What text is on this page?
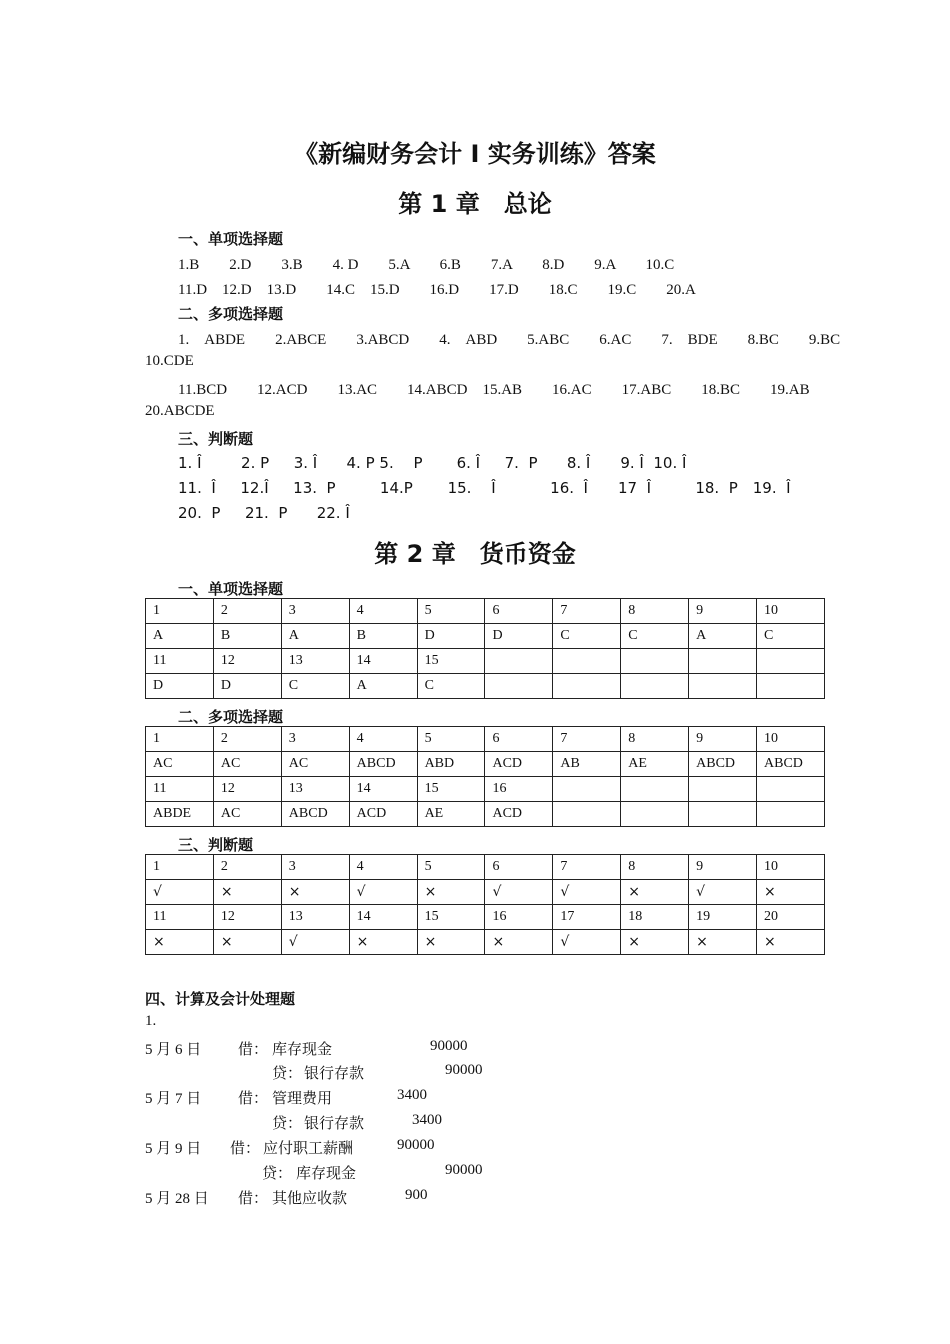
《新编财务会计 I 实务训练》答案
第 1 章　总论
一、单项选择题
1.B　　2.D　　3.B　　4. D　　5.A　　6.B　　7.A　　8.D　　9.A　　10.C
11.D　12.D　13.D　　14.C　15.D　　16.D　　17.D　　18.C　　19.C　　20.A
二、多项选择题
1.　ABDE　　2.ABCE　　3.ABCD　　4.　ABD　　5.ABC　　6.AC　　7.　BDE　　8.BC　　9.BC
10.CDE
11.BCD　　12.ACD　　13.AC　　14.ABCD　15.AB　　16.AC　　17.ABC　　18.BC　　19.AB
20.ABCDE
三、判断题
1. Î　　  2. P　  3. Î　   4. P 5.　 P　    6. Î　  7.  P　   8. Î　　9. Î  10. Î
11.  Î　  12.Î　  13.  P　　   14.P　　 15.　 Î　　  　16.  Î　　17  Î　　   18.  P　19.  Î
20.  P　  21.  P　   22. Î
第 2 章　货币资金
一、单项选择题
1	2	3	4	5	6	7	8	9	10
A	B	A	B	D	D	C	C	A	C
11	12	13	14	15					
D	D	C	A	C					
二、多项选择题
1	2	3	4	5	6	7	8	9	10
AC	AC	AC	ABCD	ABD	ACD	AB	AE	ABCD	ABCD
11	12	13	14	15	16				
ABDE	AC	ABCD	ACD	AE	ACD				
三、判断题
1	2	3	4	5	6	7	8	9	10
√	×	×	√	×	√	√	×	√	×
11	12	13	14	15	16	17	18	19	20
×	×	√	×	×	×	√	×	×	×
四、计算及会计处理题
1.
5 月 6 日 借： 库存现金	90000
贷： 银行存款	90000
5 月 7 日 借： 管理费用	3400
贷： 银行存款	3400
5 月 9 日 借： 应付职工薪酬	90000
贷： 库存现金	90000
5 月 28 日 借： 其他应收款	900
